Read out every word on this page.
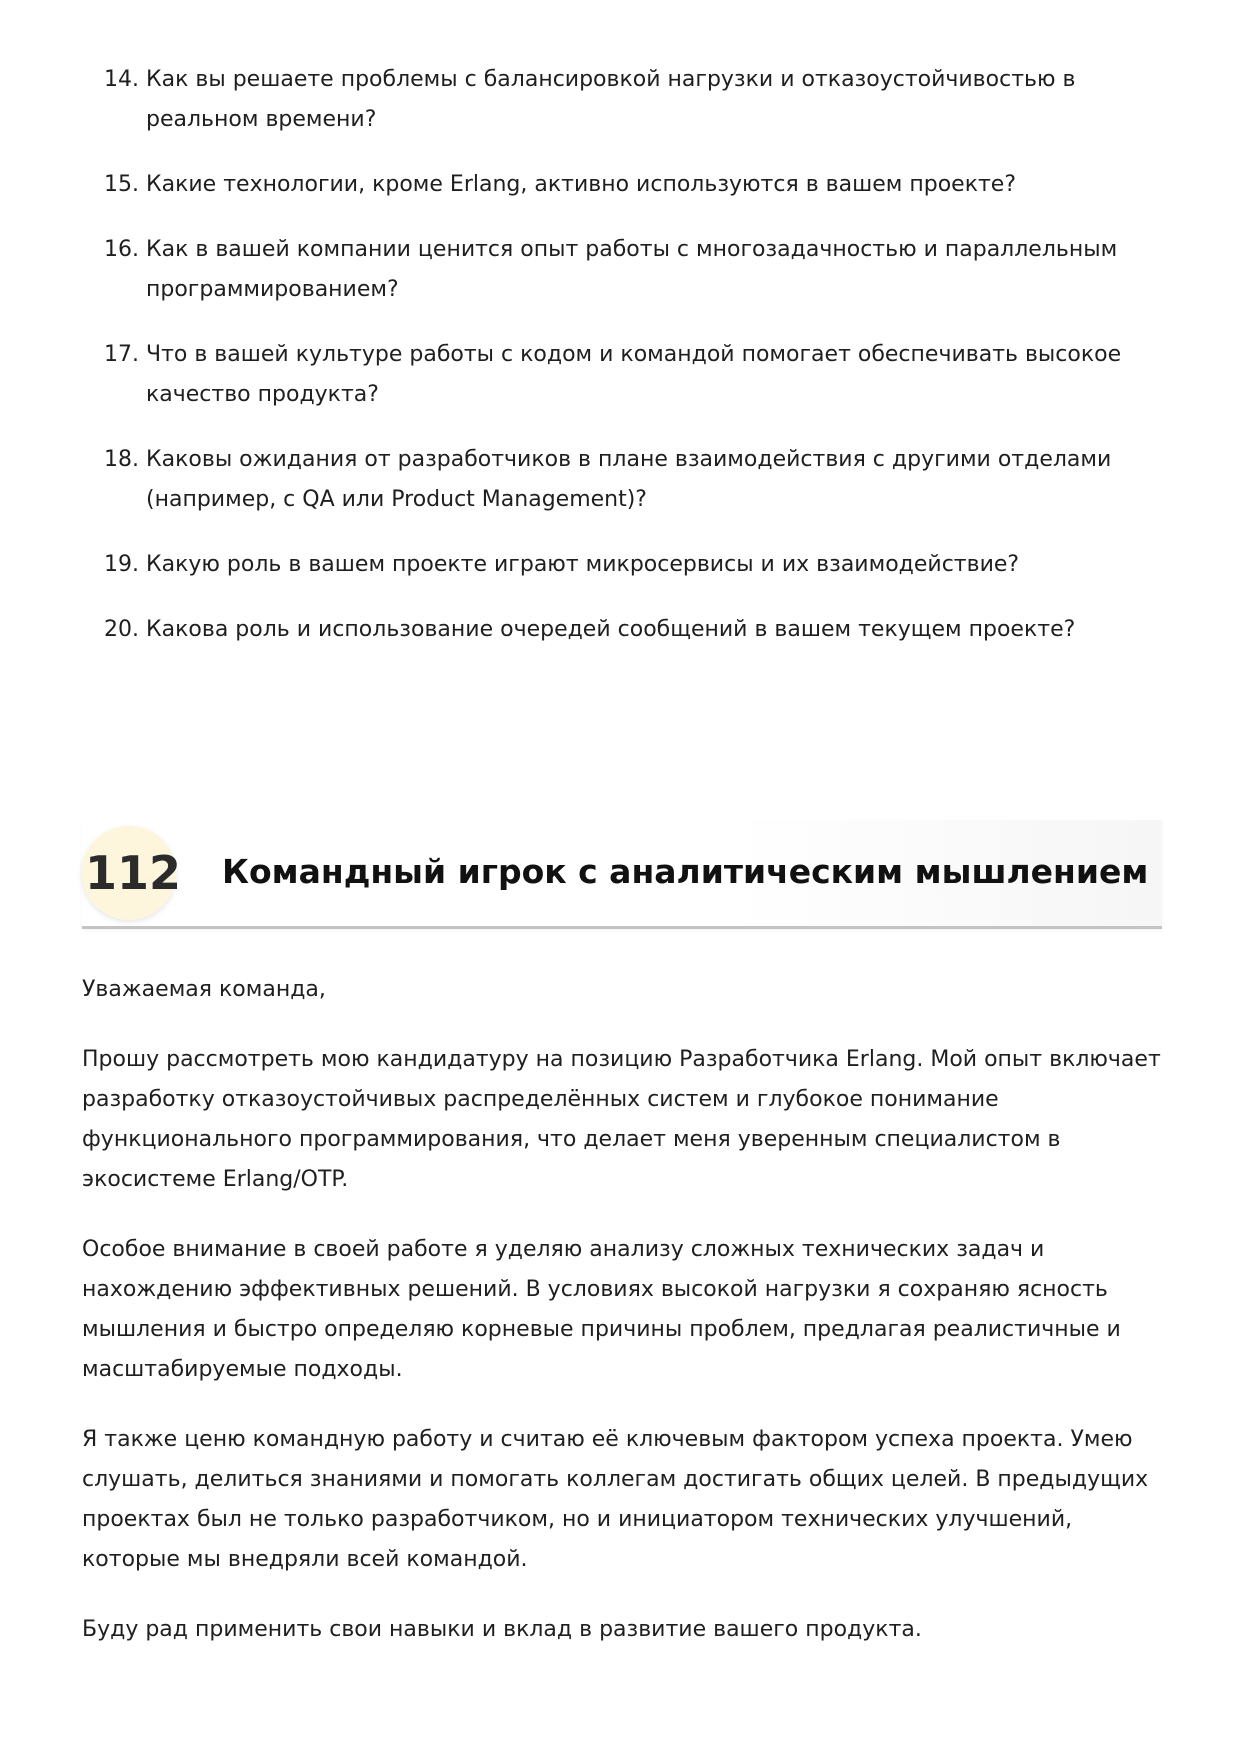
14. Как вы решаете проблемы с балансировкой нагрузки и отказоустойчивостью в реальном времени?
15. Какие технологии, кроме Erlang, активно используются в вашем проекте?
16. Как в вашей компании ценится опыт работы с многозадачностью и параллельным программированием?
17. Что в вашей культуре работы с кодом и командой помогает обеспечивать высокое качество продукта?
18. Каковы ожидания от разработчиков в плане взаимодействия с другими отделами (например, с QA или Product Management)?
19. Какую роль в вашем проекте играют микросервисы и их взаимодействие?
20. Какова роль и использование очередей сообщений в вашем текущем проекте?
112 Командный игрок с аналитическим мышлением

Уважаемая команда,

Прошу рассмотреть мою кандидатуру на позицию Разработчика Erlang. Мой опыт включает разработку отказоустойчивых распределённых систем и глубокое понимание функционального программирования, что делает меня уверенным специалистом в экосистеме Erlang/OTP.

Особое внимание в своей работе я уделяю анализу сложных технических задач и нахождению эффективных решений. В условиях высокой нагрузки я сохраняю ясность мышления и быстро определяю корневые причины проблем, предлагая реалистичные и масштабируемые подходы.

Я также ценю командную работу и считаю её ключевым фактором успеха проекта. Умею слушать, делиться знаниями и помогать коллегам достигать общих целей. В предыдущих проектах был не только разработчиком, но и инициатором технических улучшений, которые мы внедряли всей командой.

Буду рад применить свои навыки и вклад в развитие вашего продукта.
